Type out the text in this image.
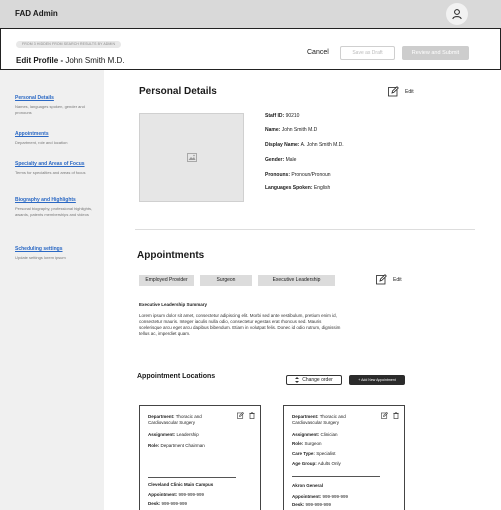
FAD Admin
FROM 3 HIDDEN FROM SEARCH RESULTS BY ADMIN
Edit Profile - John Smith M.D.
Cancel	Save as Draft	Review and Submit
Personal Details
Names, languages spoken, gender and pronouns
Appointments
Department, role and location
Specialty and Areas of Focus
Terms for specialties and areas of focus
Biography and Highlights
Personal biography, professional highlights, awards, patents memberships and videos
Scheduling settings
Update settings lorem ipsum
Personal Details	Edit
Staff ID: 90210
Name: John Smith M.D
Display Name: A. John Smith M.D.
Gender: Male
Pronouns: Pronoun/Pronoun
Languages Spoken: English
Appointments
Edit
Employed Provider	Surgeon	Executive Leadership
Executive Leadership Summary
Lorem ipsum dolor sit amet, consectetur adipiscing elit. Morbi sed ante vestibulum, pretium enim id, consectetur mauris. Integer iaculis nulla odio, consectetur egestas erat rhoncus sed. Mauris scelerisque arcu eget arcu dapibus bibendum. Etiam in volutpat felis. Donec id odio rutrum, dignissim tellus ac, imperdiet quam.
Appointment Locations	Change order	+ Add New Appointment
Department: Thoracic and Cardiovascular Surgery
Assignment: Leadership
Role: Department Chairman
Cleveland Clinic Main Campus
Appointment: 999-999-999
Desk: 999-999-999
Department: Thoracic and Cardiovascular Surgery
Assignment: Clinician
Role: Surgeon
Care Type: Specialist
Age Group: Adults Only
Akron General
Appointment: 999-999-999
Desk: 999-999-999
